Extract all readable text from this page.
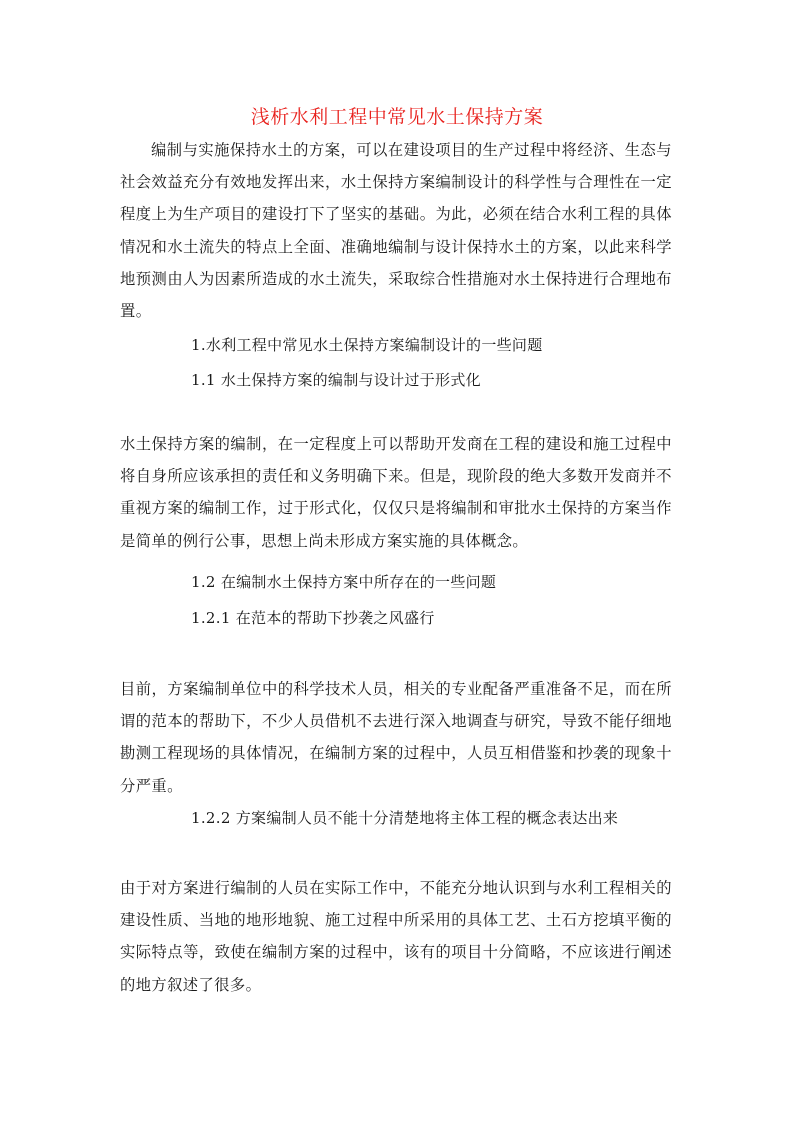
浅析水利工程中常见水土保持方案

编制与实施保持水土的方案，可以在建设项目的生产过程中将经济、生态与社会效益充分有效地发挥出来，水土保持方案编制设计的科学性与合理性在一定程度上为生产项目的建设打下了坚实的基础。为此，必须在结合水利工程的具体情况和水土流失的特点上全面、准确地编制与设计保持水土的方案，以此来科学地预测由人为因素所造成的水土流失，采取综合性措施对水土保持进行合理地布置。

1.水利工程中常见水土保持方案编制设计的一些问题

1.1 水土保持方案的编制与设计过于形式化

水土保持方案的编制，在一定程度上可以帮助开发商在工程的建设和施工过程中将自身所应该承担的责任和义务明确下来。但是，现阶段的绝大多数开发商并不重视方案的编制工作，过于形式化，仅仅只是将编制和审批水土保持的方案当作是简单的例行公事，思想上尚未形成方案实施的具体概念。

1.2 在编制水土保持方案中所存在的一些问题

1.2.1 在范本的帮助下抄袭之风盛行

目前，方案编制单位中的科学技术人员，相关的专业配备严重准备不足，而在所谓的范本的帮助下，不少人员借机不去进行深入地调查与研究，导致不能仔细地勘测工程现场的具体情况，在编制方案的过程中，人员互相借鉴和抄袭的现象十分严重。

1.2.2 方案编制人员不能十分清楚地将主体工程的概念表达出来

由于对方案进行编制的人员在实际工作中，不能充分地认识到与水利工程相关的建设性质、当地的地形地貌、施工过程中所采用的具体工艺、土石方挖填平衡的实际特点等，致使在编制方案的过程中，该有的项目十分简略，不应该进行阐述的地方叙述了很多。
